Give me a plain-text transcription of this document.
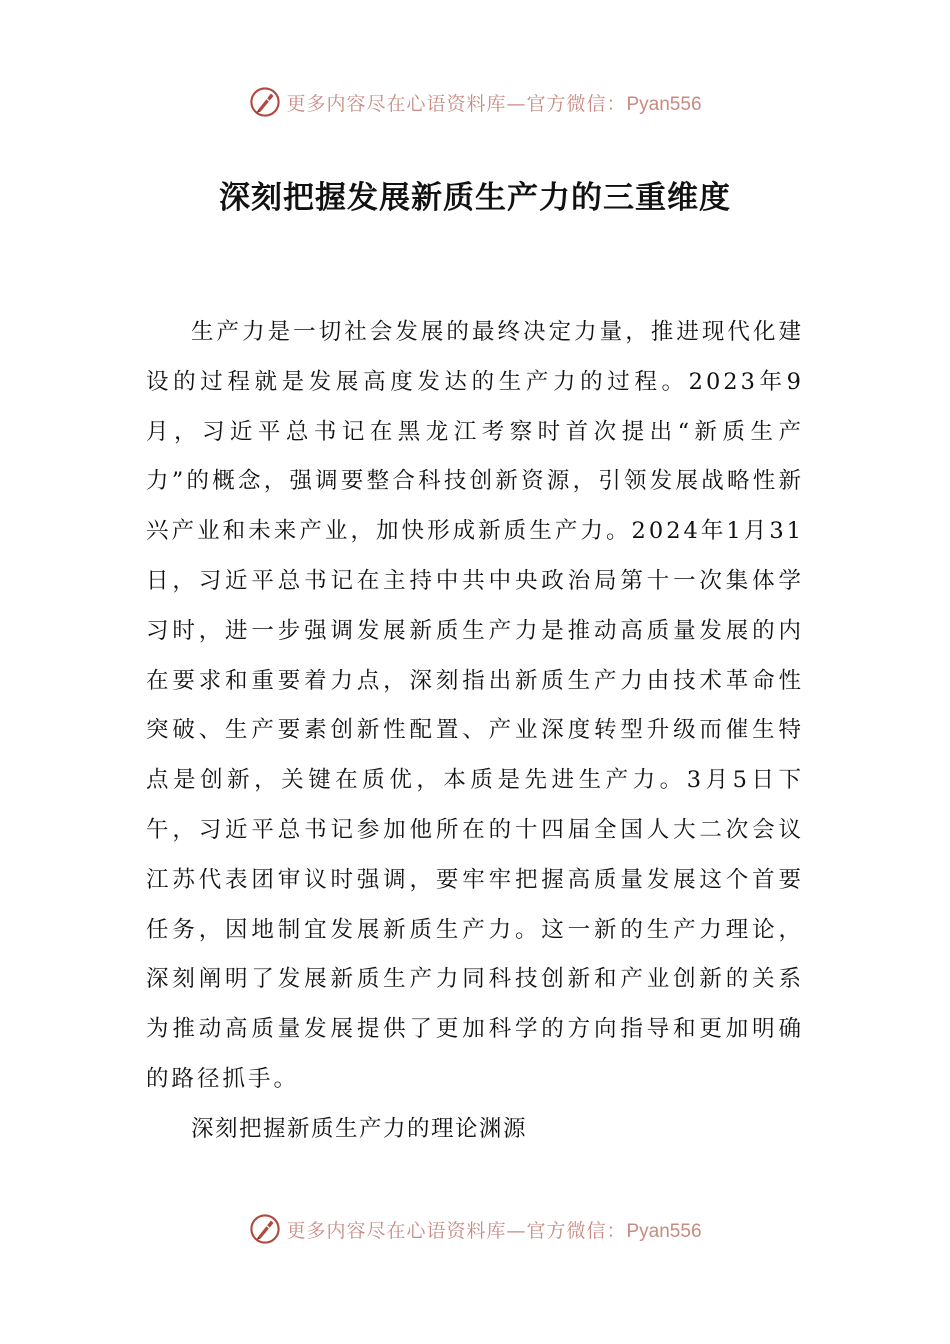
更多内容尽在心语资料库—官方微信：Pyan556
深刻把握发展新质生产力的三重维度

生产力是一切社会发展的最终决定力量，推进现代化建设的过程就是发展高度发达的生产力的过程。2023年9月，习近平总书记在黑龙江考察时首次提出“新质生产力”的概念，强调要整合科技创新资源，引领发展战略性新兴产业和未来产业，加快形成新质生产力。2024年1月31日，习近平总书记在主持中共中央政治局第十一次集体学习时，进一步强调发展新质生产力是推动高质量发展的内在要求和重要着力点，深刻指出新质生产力由技术革命性突破、生产要素创新性配置、产业深度转型升级而催生特点是创新，关键在质优，本质是先进生产力。3月5日下午，习近平总书记参加他所在的十四届全国人大二次会议江苏代表团审议时强调，要牢牢把握高质量发展这个首要任务，因地制宜发展新质生产力。这一新的生产力理论，深刻阐明了发展新质生产力同科技创新和产业创新的关系为推动高质量发展提供了更加科学的方向指导和更加明确的路径抓手。

深刻把握新质生产力的理论渊源

更多内容尽在心语资料库—官方微信：Pyan556
